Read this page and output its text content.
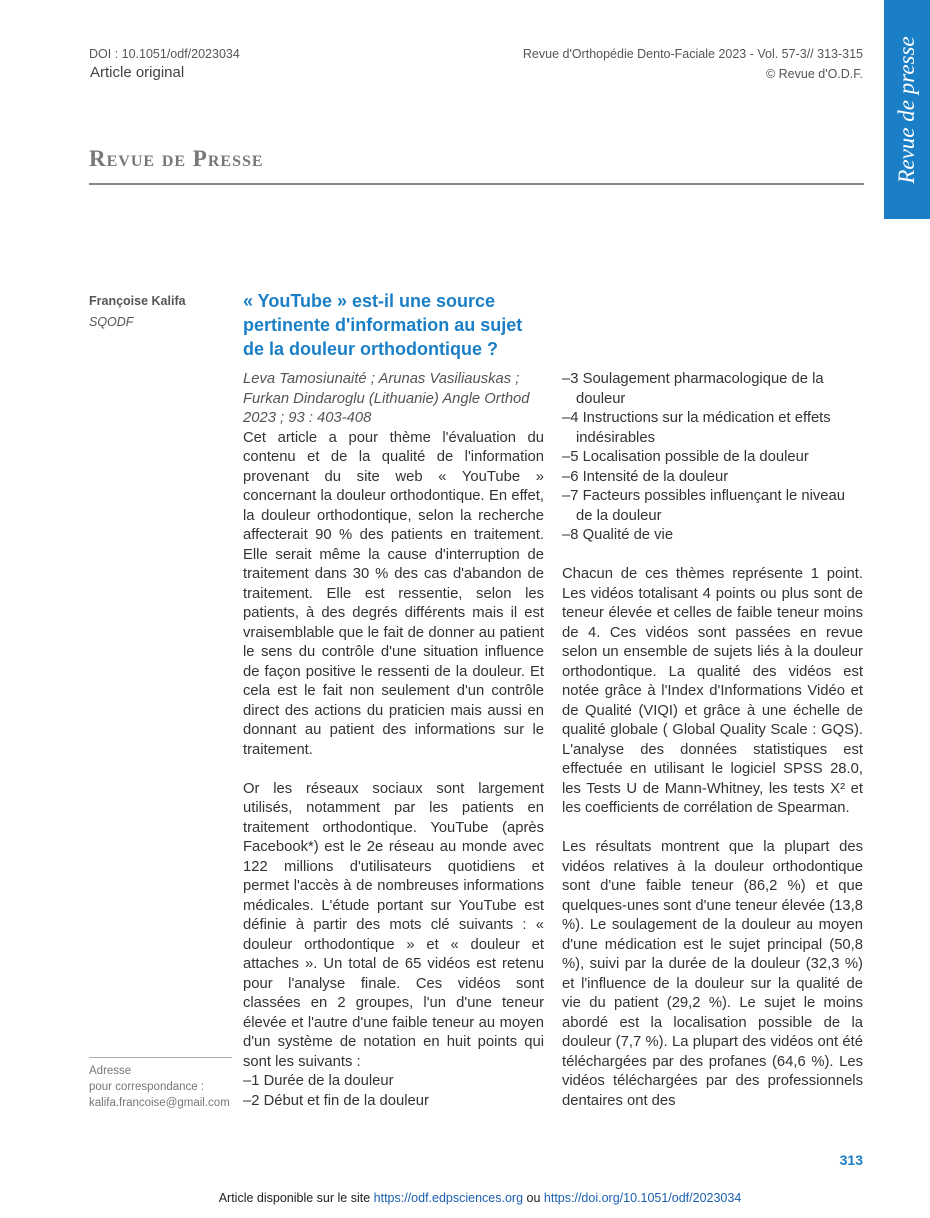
DOI : 10.1051/odf/2023034
Article original
Revue d'Orthopédie Dento-Faciale 2023 - Vol. 57-3// 313-315
© Revue d'O.D.F. Revue de presse
Revue de Presse
Françoise Kalifa
SQODF
« YouTube » est-il une source pertinente d'information au sujet de la douleur orthodontique ?

Leva Tamosiunaité ; Arunas Vasiliauskas ; Furkan Dindaroglu (Lithuanie) Angle Orthod 2023 ; 93 : 403-408

Cet article a pour thème l'évaluation du contenu et de la qualité de l'information provenant du site web « YouTube » concernant la douleur orthodontique. En effet, la douleur orthodontique, selon la recherche affecterait 90 % des patients en traitement. Elle serait même la cause d'interruption de traitement dans 30 % des cas d'abandon de traitement. Elle est ressentie, selon les patients, à des degrés différents mais il est vraisemblable que le fait de donner au patient le sens du contrôle d'une situation influence de façon positive le ressenti de la douleur. Et cela est le fait non seulement d'un contrôle direct des actions du praticien mais aussi en donnant au patient des informations sur le traitement.

Or les réseaux sociaux sont largement utilisés, notamment par les patients en traitement orthodontique. YouTube (après Facebook*) est le 2e réseau au monde avec 122 millions d'utilisateurs quotidiens et permet l'accès à de nombreuses informations médicales. L'étude portant sur YouTube est définie à partir des mots clé suivants : « douleur orthodontique » et « douleur et attaches ». Un total de 65 vidéos est retenu pour l'analyse finale. Ces vidéos sont classées en 2 groupes, l'un d'une teneur élevée et l'autre d'une faible teneur au moyen d'un système de notation en huit points qui sont les suivants :

– 1 Durée de la douleur
– 2 Début et fin de la douleur
– 3 Soulagement pharmacologique de la douleur
– 4 Instructions sur la médication et effets indésirables
– 5 Localisation possible de la douleur
– 6 Intensité de la douleur
– 7 Facteurs possibles influençant le niveau de la douleur
– 8 Qualité de vie

Chacun de ces thèmes représente 1 point. Les vidéos totalisant 4 points ou plus sont de teneur élevée et celles de faible teneur moins de 4. Ces vidéos sont passées en revue selon un ensemble de sujets liés à la douleur orthodontique. La qualité des vidéos est notée grâce à l'Index d'Informations Vidéo et de Qualité (VIQI) et grâce à une échelle de qualité globale ( Global Quality Scale : GQS). L'analyse des données statistiques est effectuée en utilisant le logiciel SPSS 28.0, les Tests U de Mann-Whitney, les tests X² et les coefficients de corrélation de Spearman.

Les résultats montrent que la plupart des vidéos relatives à la douleur orthodontique sont d'une faible teneur (86,2 %) et que quelques-unes sont d'une teneur élevée (13,8 %). Le soulagement de la douleur au moyen d'une médication est le sujet principal (50,8 %), suivi par la durée de la douleur (32,3 %) et l'influence de la douleur sur la qualité de vie du patient (29,2 %). Le sujet le moins abordé est la localisation possible de la douleur (7,7 %). La plupart des vidéos ont été téléchargées par des profanes (64,6 %). Les vidéos téléchargées par des professionnels dentaires ont des

Adresse
pour correspondance :
kalifa.francoise@gmail.com
313
Article disponible sur le site https://odf.edpsciences.org ou https://doi.org/10.1051/odf/2023034
